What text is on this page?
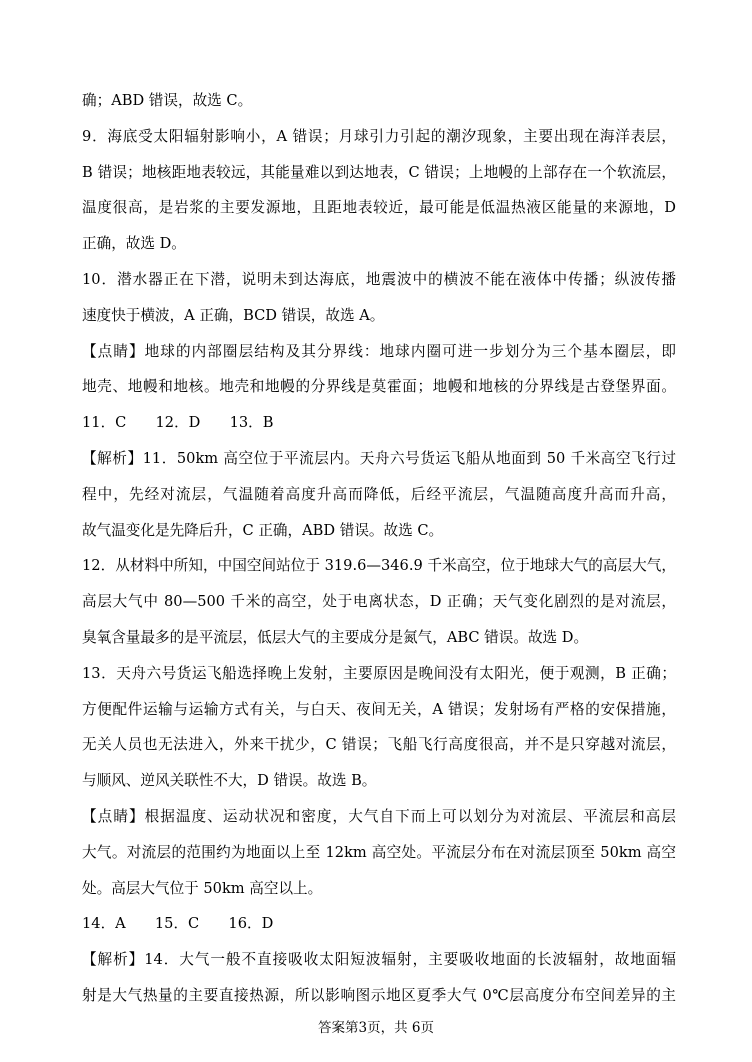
确；ABD 错误，故选 C。
9．海底受太阳辐射影响小，A 错误；月球引力引起的潮汐现象，主要出现在海洋表层，
B 错误；地核距地表较远，其能量难以到达地表，C 错误；上地幔的上部存在一个软流层，
温度很高，是岩浆的主要发源地，且距地表较近，最可能是低温热液区能量的来源地，D
正确，故选 D。
10．潜水器正在下潜，说明未到达海底，地震波中的横波不能在液体中传播；纵波传播
速度快于横波，A 正确，BCD 错误，故选 A。
【点睛】地球的内部圈层结构及其分界线：地球内圈可进一步划分为三个基本圈层，即
地壳、地幔和地核。地壳和地幔的分界线是莫霍面；地幔和地核的分界线是古登堡界面。
11．C　　12．D　　13．B
【解析】11．50km 高空位于平流层内。天舟六号货运飞船从地面到 50 千米高空飞行过
程中，先经对流层，气温随着高度升高而降低，后经平流层，气温随高度升高而升高，
故气温变化是先降后升，C 正确，ABD 错误。故选 C。
12．从材料中所知，中国空间站位于 319.6—346.9 千米高空，位于地球大气的高层大气，
高层大气中 80—500 千米的高空，处于电离状态，D 正确；天气变化剧烈的是对流层，
臭氧含量最多的是平流层，低层大气的主要成分是氮气，ABC 错误。故选 D。
13．天舟六号货运飞船选择晚上发射，主要原因是晚间没有太阳光，便于观测，B 正确；
方便配件运输与运输方式有关，与白天、夜间无关，A 错误；发射场有严格的安保措施，
无关人员也无法进入，外来干扰少，C 错误；飞船飞行高度很高，并不是只穿越对流层，
与顺风、逆风关联性不大，D 错误。故选 B。
【点睛】根据温度、运动状况和密度，大气自下而上可以划分为对流层、平流层和高层
大气。对流层的范围约为地面以上至 12km 高空处。平流层分布在对流层顶至 50km 高空
处。高层大气位于 50km 高空以上。
14．A　　15．C　　16．D
【解析】14．大气一般不直接吸收太阳短波辐射，主要吸收地面的长波辐射，故地面辐
射是大气热量的主要直接热源，所以影响图示地区夏季大气 0℃层高度分布空间差异的主
答案第3页，共 6页
